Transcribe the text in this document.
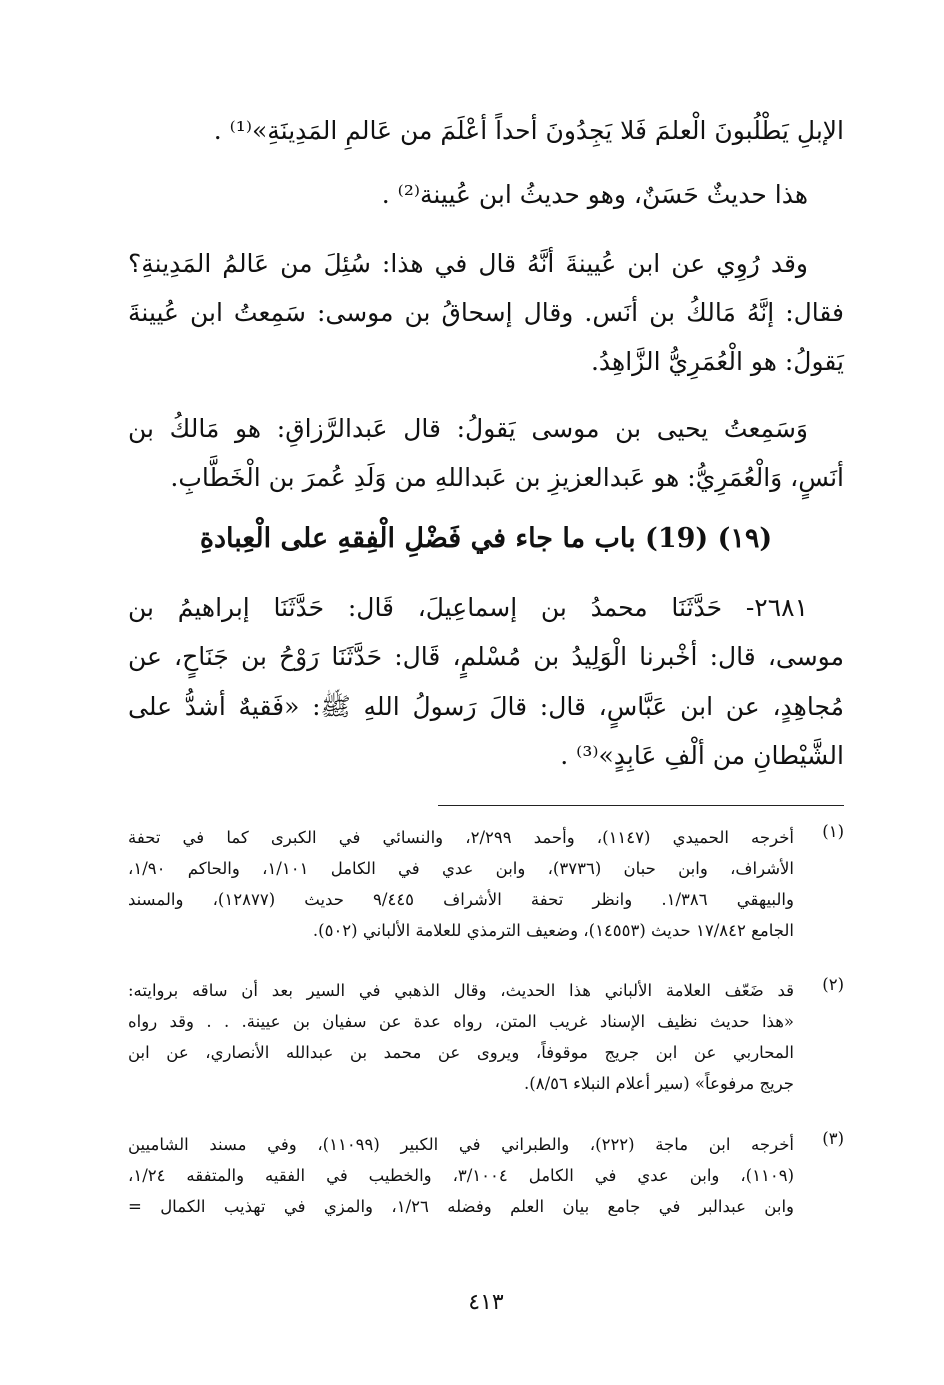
الإبلِ يَطْلُبونَ الْعلمَ فَلا يَجِدُونَ أحداً أعْلَمَ من عَالمِ المَدِينَةِ»⁽¹⁾ .
هذا حديثٌ حَسَنٌ، وهو حديثُ ابن عُيينة⁽²⁾ .
وقد رُوِي عن ابن عُيينةَ أنَّهُ قال في هذا: سُئِلَ من عَالمُ المَدِينةِ؟
فقال: إنَّهُ مَالكُ بن أنَس. وقال إسحاقُ بن موسى: سَمِعتُ ابن عُيينةَ
يَقولُ: هو الْعُمَرِيُّ الزَّاهِدُ.
وَسَمِعتُ يحيى بن موسى يَقولُ: قال عَبدالرَّزاقِ: هو مَالكُ بن
أنَسٍ، وَالْعُمَرِيُّ: هو عَبدالعزيزِ بن عَبداللهِ من وَلَدِ عُمرَ بن الْخَطَّابِ.
(١٩) (19) باب ما جاء في فَضْلِ الْفِقهِ على الْعِبادةِ
٢٦٨١- حَدَّثَنَا محمدُ بن إسماعِيلَ، قَال: حَدَّثَنَا إبراهيمُ بن
موسى، قال: أخْبرنا الْوَلِيدُ بن مُسْلمٍ، قَال: حَدَّثَنَا رَوْحُ بن جَنَاحٍ، عن
مُجاهِدٍ، عن ابن عَبَّاسٍ، قال: قالَ رَسولُ اللهِ ﷺ: «فَقيهٌ أشدُّ على
الشَّيْطانِ من ألْفِ عَابِدٍ»⁽³⁾ .
(١)
أخرجه الحميدي (١١٤٧)، وأحمد ٢/٢٩٩، والنسائي في الكبرى كما في تحفة
الأشراف، وابن حبان (٣٧٣٦)، وابن عدي في الكامل ١/١٠١، والحاكم ١/٩٠،
والبيهقي ١/٣٨٦. وانظر تحفة الأشراف ٩/٤٤٥ حديث (١٢٨٧٧)، والمسند
الجامع ١٧/٨٤٢ حديث (١٤٥٥٣)، وضعيف الترمذي للعلامة الألباني (٥٠٢).
(٢)
قد ضَعّف العلامة الألباني هذا الحديث، وقال الذهبي في السير بعد أن ساقه بروايته:
«هذا حديث نظيف الإسناد غريب المتن، رواه عدة عن سفيان بن عيينة. . . وقد رواه
المحاربي عن ابن جريج موقوفاً، ويروى عن محمد بن عبدالله الأنصاري، عن ابن
جريج مرفوعاً» (سير أعلام النبلاء ٨/٥٦).
(٣)
أخرجه ابن ماجة (٢٢٢)، والطبراني في الكبير (١١٠٩٩)، وفي مسند الشاميين
(١١٠٩)، وابن عدي في الكامل ٣/١٠٠٤، والخطيب في الفقيه والمتفقه ١/٢٤،
وابن عبدالبر في جامع بيان العلم وفضله ١/٢٦، والمزي في تهذيب الكمال =
٤١٣
